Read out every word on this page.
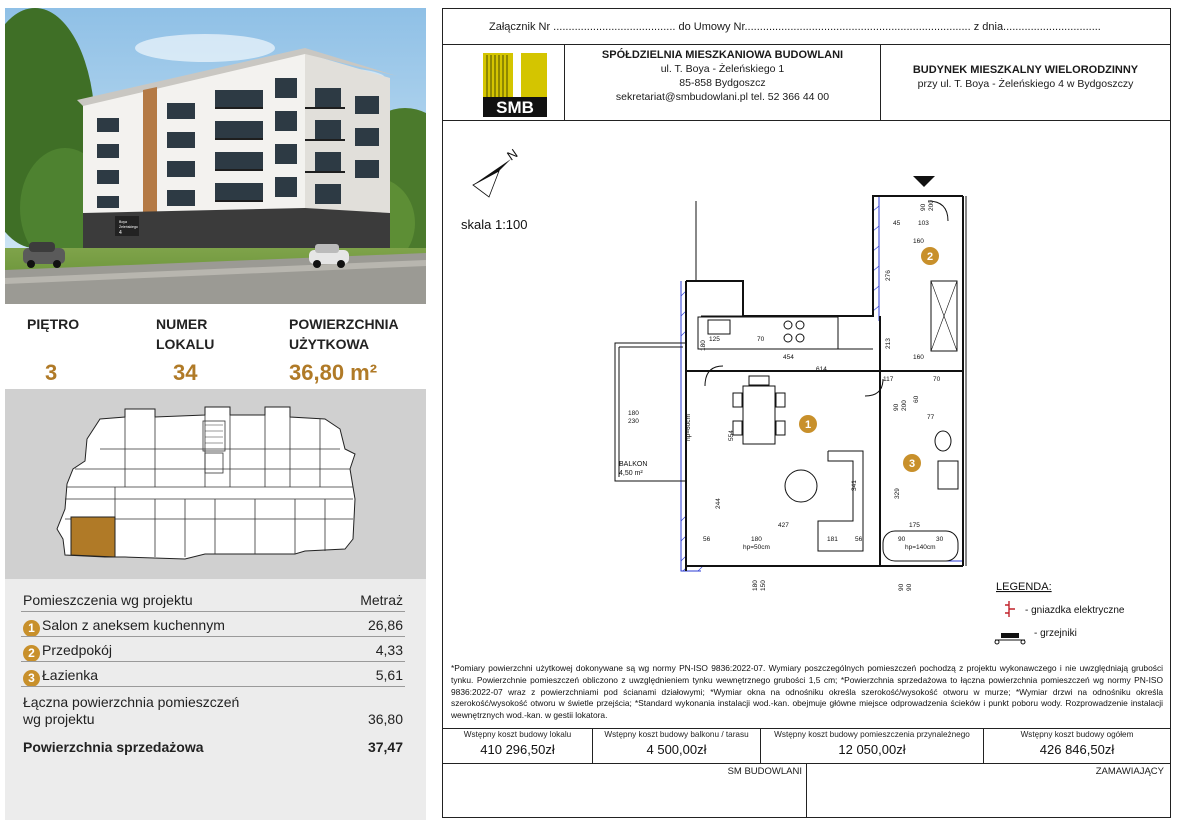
Boya
Żeleńskiego
4
PIĘTRO	NUMER
LOKALU
POWIERZCHNIA
UŻYTKOWA
3	34	36,80 m²
Pomieszczenia wg projektu	Metraż
1 Salon z aneksem kuchennym	26,86
2 Przedpokój	4,33
3 Łazienka	5,61
Łączna powierzchnia pomieszczeń
wg projektu	36,80
Powierzchnia sprzedażowa	37,47
Załącznik Nr ........................................ do Umowy Nr.......................................................................... z dnia................................
SMB
SPÓŁDZIELNIA MIESZKANIOWA BUDOWLANI
ul. T. Boya - Żeleńskiego 1
85-858 Bydgoszcz
sekretariat@smbudowlani.pl tel. 52 366 44 00
BUDYNEK MIESZKALNY WIELORODZINNY
przy ul. T. Boya - Żeleńskiego 4 w Bydgoszczy
N
skala 1:100
1
2
3
BALKON
4,50 m²
45	103
160
276
125	70
454
614
213
160
180
117
60
70
200
90
90 200
180
230	hp=60cm	554
77
341
244
329
175
427
56	180	181	56	90	30
hp=50cm	hp=140cm
180 150	90 90	LEGENDA:
- gniazdka elektryczne
- grzejniki
*Pomiary powierzchni użytkowej dokonywane są wg normy PN-ISO 9836:2022-07. Wymiary poszczególnych pomieszczeń pochodzą z projektu wykonawczego i nie uwzględniają grubości tynku. Powierzchnie pomieszczeń obliczono z uwzględnieniem tynku wewnętrznego grubości 1,5 cm; *Powierzchnia sprzedażowa to łączna powierzchnia pomieszczeń wg normy PN-ISO 9836:2022-07 wraz z powierzchniami pod ścianami działowymi; *Wymiar okna na odnośniku określa szerokość/wysokość otworu w murze; *Wymiar drzwi na odnośniku określa szerokość/wysokość otworu w świetle przejścia; *Standard wykonania instalacji wod.-kan. obejmuje główne miejsce odprowadzenia ścieków i punkt poboru wody. Rozprowadzenie instalacji wewnętrznych wod.-kan. w gestii lokatora.
Wstępny koszt budowy lokalu
410 296,50zł
Wstępny koszt budowy balkonu / tarasu
4 500,00zł
Wstępny koszt budowy pomieszczenia przynależnego
12 050,00zł
Wstępny koszt budowy ogółem
426 846,50zł
SM BUDOWLANI	ZAMAWIAJĄCY
